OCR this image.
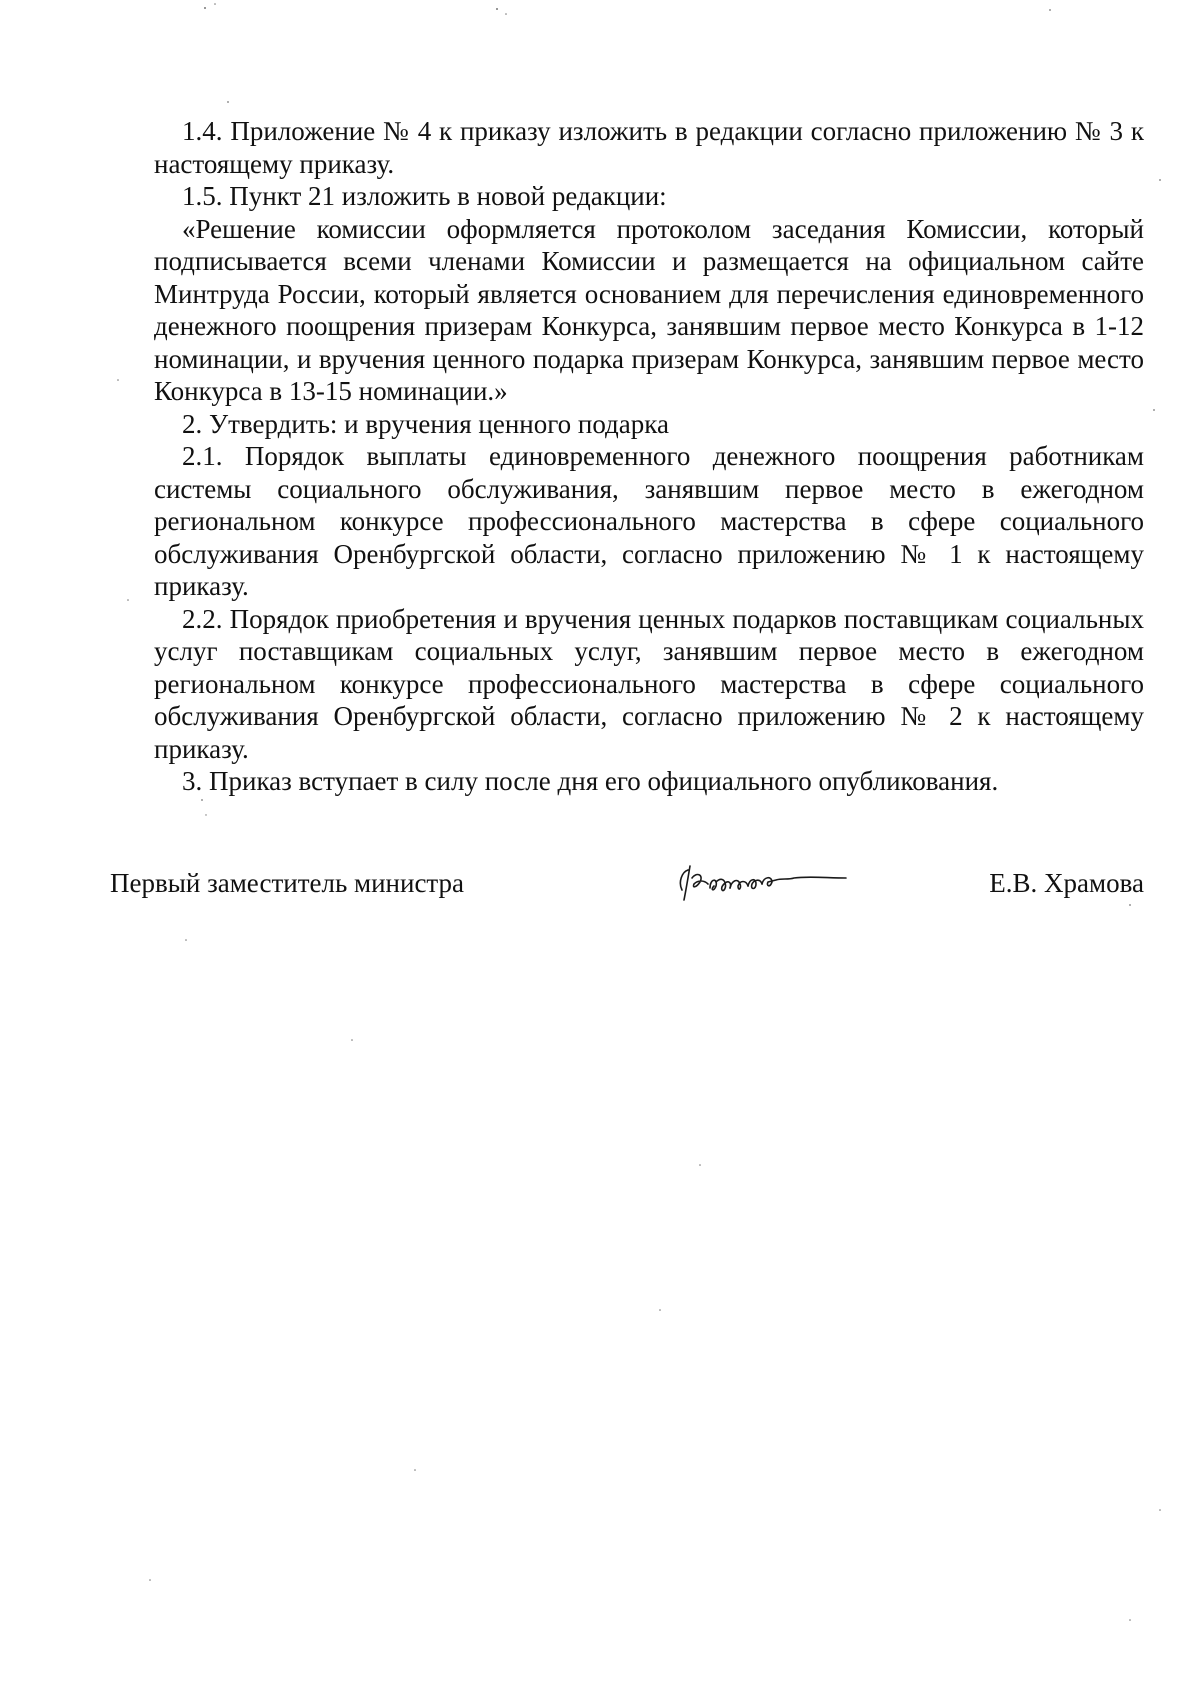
1.4. Приложение № 4 к приказу изложить в редакции согласно приложению № 3 к настоящему приказу.

1.5. Пункт 21 изложить в новой редакции:

«Решение комиссии оформляется протоколом заседания Комиссии, который подписывается всеми членами Комиссии и размещается на официальном сайте Минтруда России, который является основанием для перечисления единовременного денежного поощрения призерам Конкурса, занявшим первое место Конкурса в 1-12 номинации, и вручения ценного подарка призерам Конкурса, занявшим первое место Конкурса в 13-15 номинации.»

2. Утвердить: и вручения ценного подарка

2.1. Порядок выплаты единовременного денежного поощрения работникам системы социального обслуживания, занявшим первое место в ежегодном региональном конкурсе профессионального мастерства в сфере социального обслуживания Оренбургской области, согласно приложению № 1 к настоящему приказу.

2.2. Порядок приобретения и вручения ценных подарков поставщикам социальных услуг поставщикам социальных услуг, занявшим первое место в ежегодном региональном конкурсе профессионального мастерства в сфере социального обслуживания Оренбургской области, согласно приложению № 2 к настоящему приказу.

3. Приказ вступает в силу после дня его официального опубликования.

Первый заместитель министра	Е.В. Храмова
